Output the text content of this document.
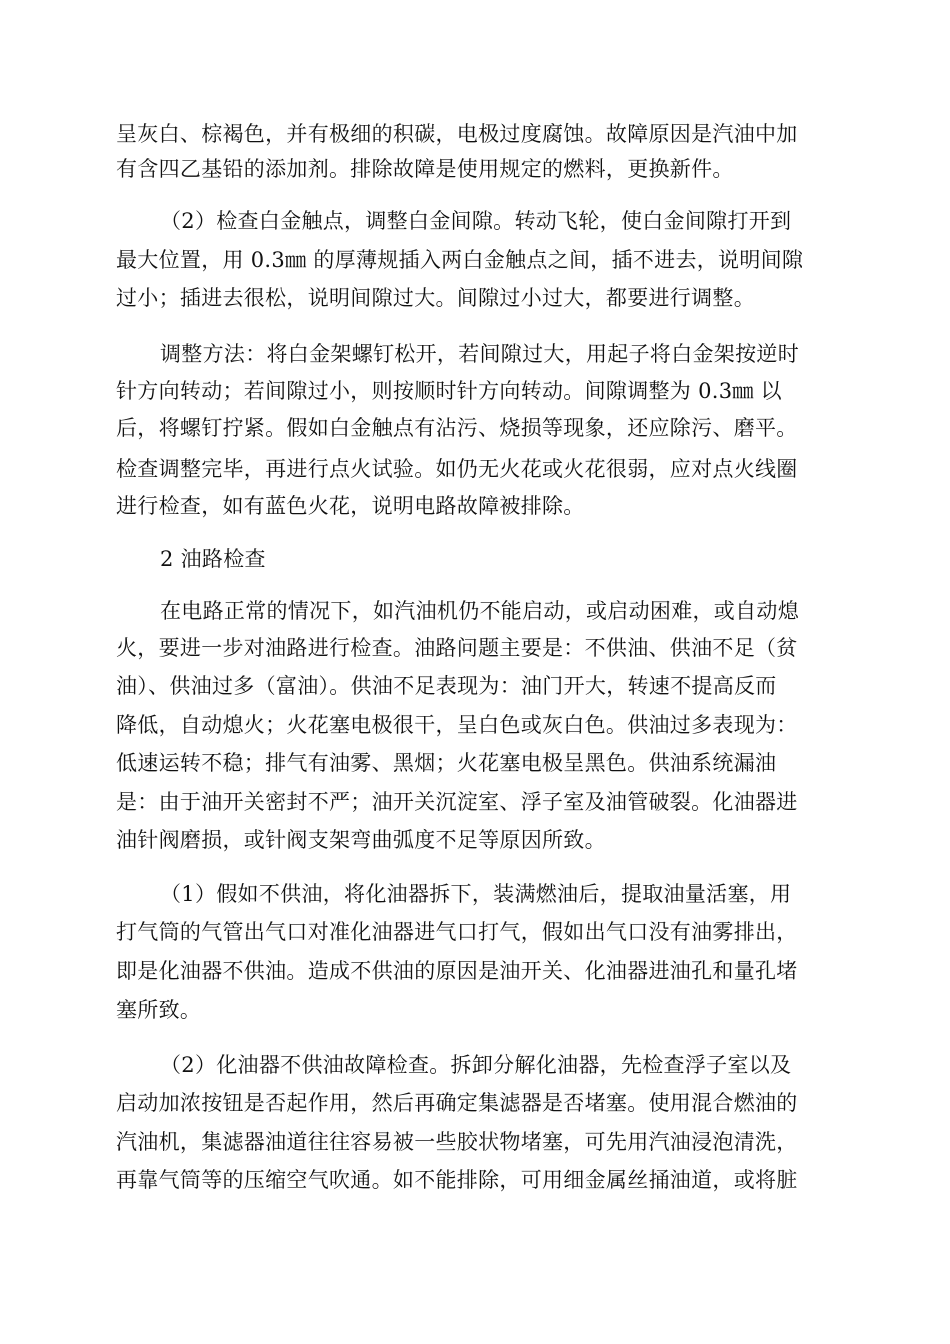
呈灰白、棕褐色，并有极细的积碳，电极过度腐蚀。故障原因是汽油中加
有含四乙基铅的添加剂。排除故障是使用规定的燃料，更换新件。
（2）检查白金触点，调整白金间隙。转动飞轮，使白金间隙打开到
最大位置，用 0.3㎜ 的厚薄规插入两白金触点之间，插不进去，说明间隙
过小；插进去很松，说明间隙过大。间隙过小过大，都要进行调整。
调整方法：将白金架螺钉松开，若间隙过大，用起子将白金架按逆时
针方向转动；若间隙过小，则按顺时针方向转动。间隙调整为 0.3㎜ 以
后，将螺钉拧紧。假如白金触点有沾污、烧损等现象，还应除污、磨平。
检查调整完毕，再进行点火试验。如仍无火花或火花很弱，应对点火线圈
进行检查，如有蓝色火花，说明电路故障被排除。
2 油路检查
在电路正常的情况下，如汽油机仍不能启动，或启动困难，或自动熄
火，要进一步对油路进行检查。油路问题主要是：不供油、供油不足（贫
油）、供油过多（富油）。供油不足表现为：油门开大，转速不提高反而
降低，自动熄火；火花塞电极很干，呈白色或灰白色。供油过多表现为：
低速运转不稳；排气有油雾、黑烟；火花塞电极呈黑色。供油系统漏油
是：由于油开关密封不严；油开关沉淀室、浮子室及油管破裂。化油器进
油针阀磨损，或针阀支架弯曲弧度不足等原因所致。
（1）假如不供油，将化油器拆下，装满燃油后，提取油量活塞，用
打气筒的气管出气口对准化油器进气口打气，假如出气口没有油雾排出，
即是化油器不供油。造成不供油的原因是油开关、化油器进油孔和量孔堵
塞所致。
（2）化油器不供油故障检查。拆卸分解化油器，先检查浮子室以及
启动加浓按钮是否起作用，然后再确定集滤器是否堵塞。使用混合燃油的
汽油机，集滤器油道往往容易被一些胶状物堵塞，可先用汽油浸泡清洗，
再靠气筒等的压缩空气吹通。如不能排除，可用细金属丝捅油道，或将脏
